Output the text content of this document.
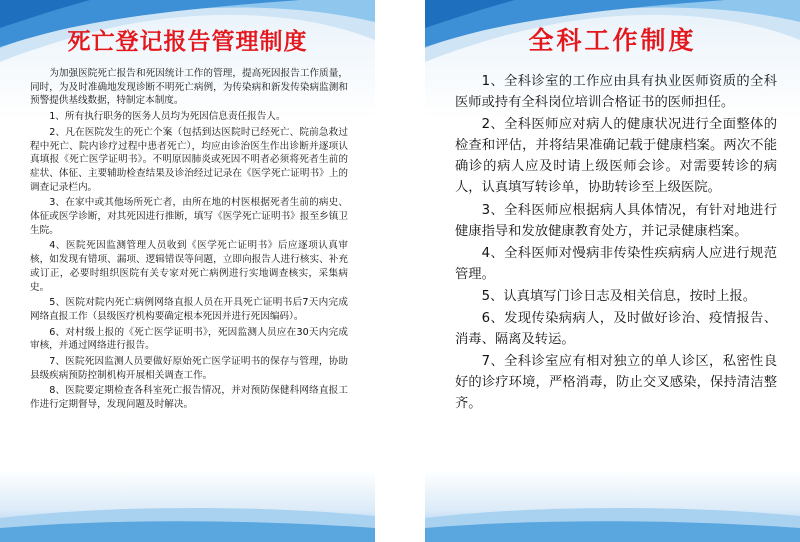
死亡登记报告管理制度

为加强医院死亡报告和死因统计工作的管理，提高死因报告工作质量，同时，为及时准确地发现诊断不明死亡病例，为传染病和新发传染病监测和预警提供基线数据，特制定本制度。

1、所有执行职务的医务人员均为死因信息责任报告人。

2、凡在医院发生的死亡个案（包括到达医院时已经死亡、院前急救过程中死亡、院内诊疗过程中患者死亡），均应由诊治医生作出诊断并逐项认真填报《死亡医学证明书》。不明原因肺炎或死因不明者必须将死者生前的症状、体征、主要辅助检查结果及诊治经过记录在《医学死亡证明书》上的调查记录栏内。

3、在家中或其他场所死亡者，由所在地的村医根据死者生前的病史、体征或医学诊断，对其死因进行推断，填写《医学死亡证明书》报至乡镇卫生院。

4、医院死因监测管理人员收到《医学死亡证明书》后应逐项认真审核，如发现有错项、漏项、逻辑错误等问题，立即向报告人进行核实、补充或订正，必要时组织医院有关专家对死亡病例进行实地调查核实，采集病史。

5、医院对院内死亡病例网络直报人员在开具死亡证明书后7天内完成网络直报工作（县级医疗机构要确定根本死因并进行死因编码）。

6、对村级上报的《死亡医学证明书》，死因监测人员应在30天内完成审核，并通过网络进行报告。

7、医院死因监测人员要做好原始死亡医学证明书的保存与管理，协助县级疾病预防控制机构开展相关调查工作。

8、医院要定期检查各科室死亡报告情况，并对预防保健科网络直报工作进行定期督导，发现问题及时解决。

全科工作制度

1、全科诊室的工作应由具有执业医师资质的全科医师或持有全科岗位培训合格证书的医师担任。

2、全科医师应对病人的健康状况进行全面整体的检查和评估，并将结果准确记载于健康档案。两次不能确诊的病人应及时请上级医师会诊。对需要转诊的病人，认真填写转诊单，协助转诊至上级医院。

3、全科医师应根据病人具体情况，有针对地进行健康指导和发放健康教育处方，并记录健康档案。

4、全科医师对慢病非传染性疾病病人应进行规范管理。

5、认真填写门诊日志及相关信息，按时上报。

6、发现传染病病人，及时做好诊治、疫情报告、消毒、隔离及转运。

7、全科诊室应有相对独立的单人诊区，私密性良好的诊疗环境，严格消毒，防止交叉感染，保持清洁整齐。
